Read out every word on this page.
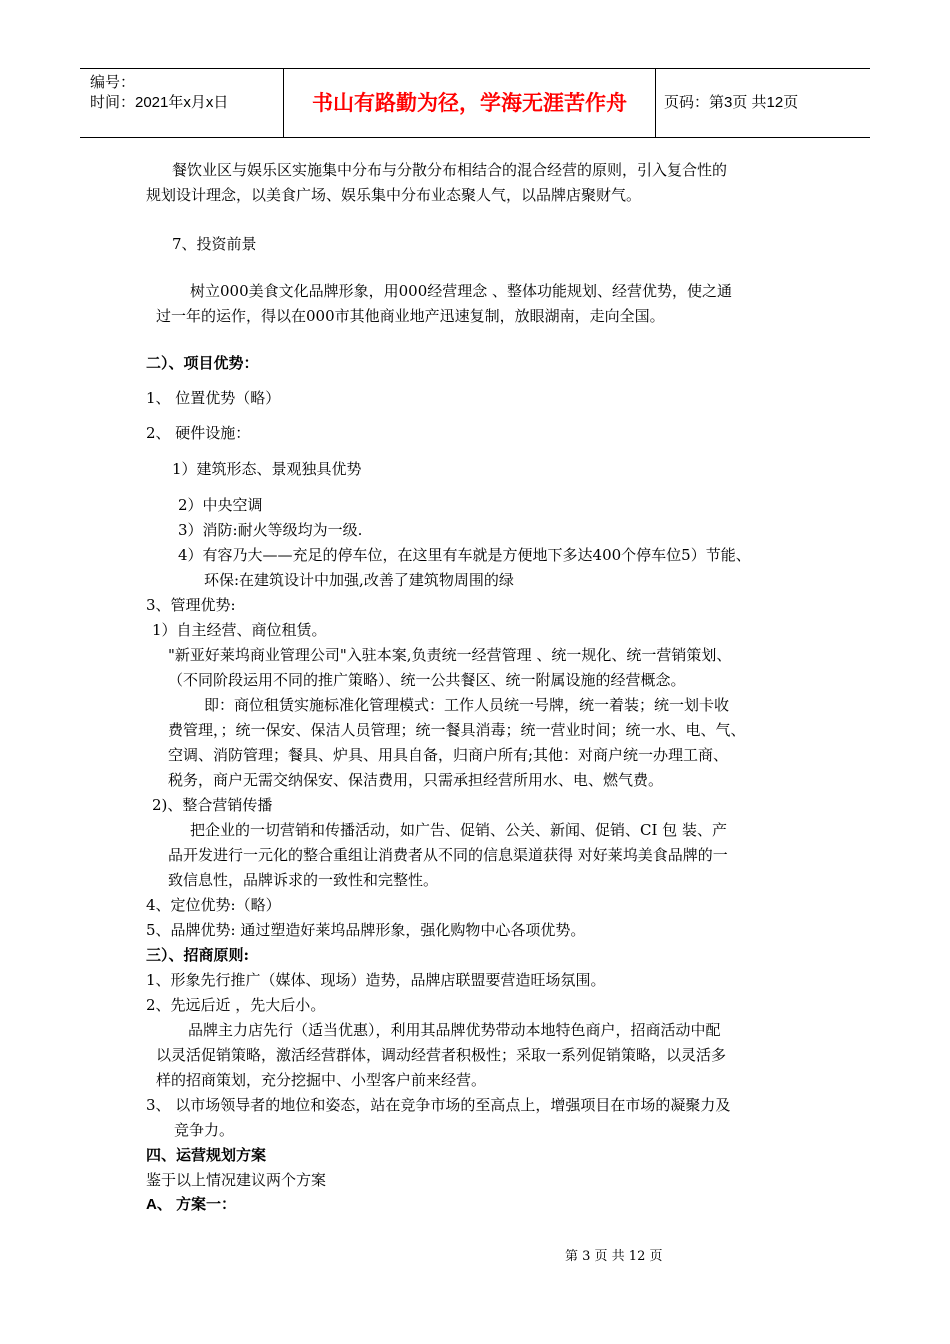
编号：
时间：2021年x月x日	书山有路勤为径，学海无涯苦作舟	页码：第3页 共12页
餐饮业区与娱乐区实施集中分布与分散分布相结合的混合经营的原则，引入复合性的
规划设计理念，以美食广场、娱乐集中分布业态聚人气，以品牌店聚财气。
7、投资前景
树立000美食文化品牌形象，用000经营理念 、整体功能规划、经营优势，使之通
过一年的运作，得以在000市其他商业地产迅速复制，放眼湖南，走向全国。
二）、项目优势：
1、 位置优势（略）
2、 硬件设施：
1）建筑形态、景观独具优势
2）中央空调
3）消防:耐火等级均为一级.
4）有容乃大——充足的停车位，在这里有车就是方便地下多达400个停车位5）节能、
环保:在建筑设计中加强,改善了建筑物周围的绿
3、管理优势:
1）自主经营、商位租赁。
"新亚好莱坞商业管理公司"入驻本案,负责统一经营管理 、统一规化、统一营销策划、
（不同阶段运用不同的推广策略）、统一公共餐区、统一附属设施的经营概念。
即：商位租赁实施标准化管理模式：工作人员统一号牌，统一着装；统一划卡收
费管理，；统一保安、保洁人员管理；统一餐具消毒；统一营业时间；统一水、电、气、
空调、消防管理；餐具、炉具、用具自备，归商户所有;其他：对商户统一办理工商、
税务，商户无需交纳保安、保洁费用，只需承担经营所用水、电、燃气费。
2)、整合营销传播
把企业的一切营销和传播活动，如广告、促销、公关、新闻、促销、CI 包 装、产
品开发进行一元化的整合重组让消费者从不同的信息渠道获得 对好莱坞美食品牌的一
致信息性，品牌诉求的一致性和完整性。
4、定位优势:（略）
5、品牌优势: 通过塑造好莱坞品牌形象，强化购物中心各项优势。
三）、招商原则:
1、形象先行推广（媒体、现场）造势，品牌店联盟要营造旺场氛围。
2、先远后近 ，先大后小。
品牌主力店先行（适当优惠），利用其品牌优势带动本地特色商户，招商活动中配
以灵活促销策略，激活经营群体，调动经营者积极性；采取一系列促销策略，以灵活多
样的招商策划，充分挖掘中、小型客户前来经营。
3、 以市场领导者的地位和姿态，站在竞争市场的至高点上，增强项目在市场的凝聚力及
竞争力。
四、运营规划方案
鉴于以上情况建议两个方案
A、 方案一：
第 3 页 共 12 页
